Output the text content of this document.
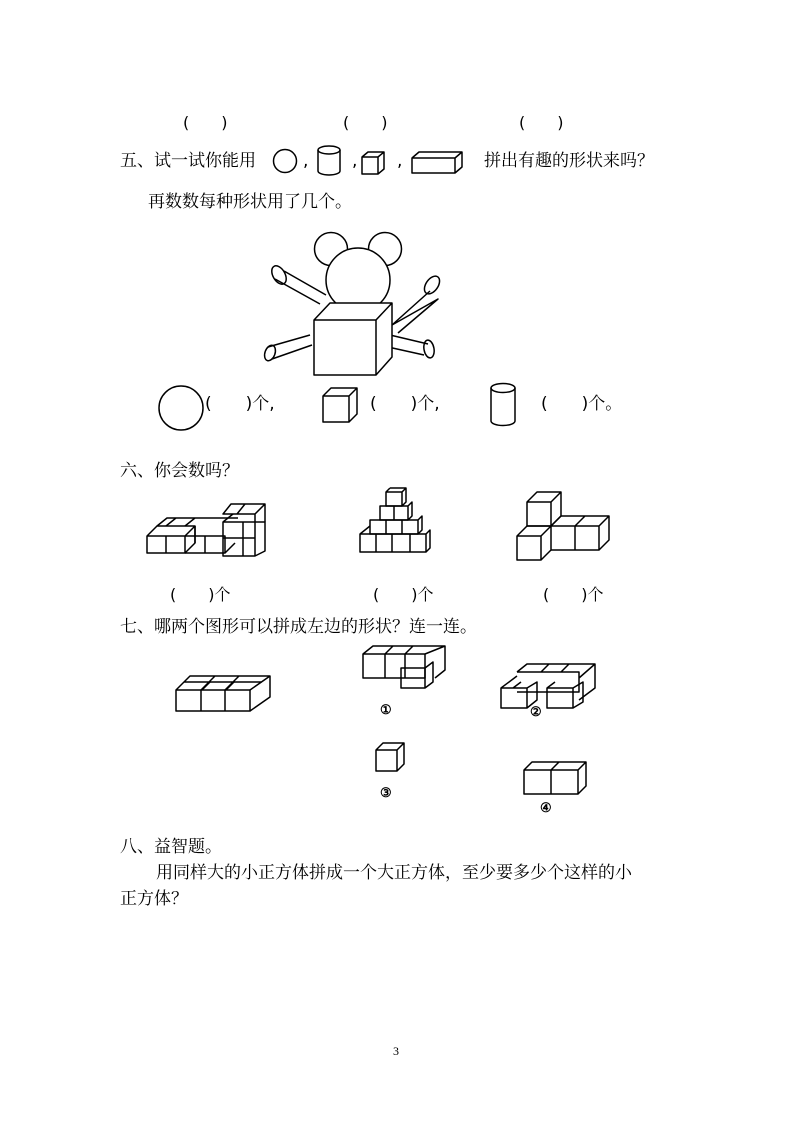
(　　)	(　　)	(　　)
五、试一试你能用	,	, ,	拼出有趣的形状来吗？
再数数每种形状用了几个。
(　　)个,	(　　)个,	(　　)个。
六、你会数吗？
(　　)个	(　　)个	(　　)个
七、哪两个图形可以拼成左边的形状？连一连。
①	②
③
④
八、益智题。
用同样大的小正方体拼成一个大正方体，至少要多少个这样的小
正方体？
3
